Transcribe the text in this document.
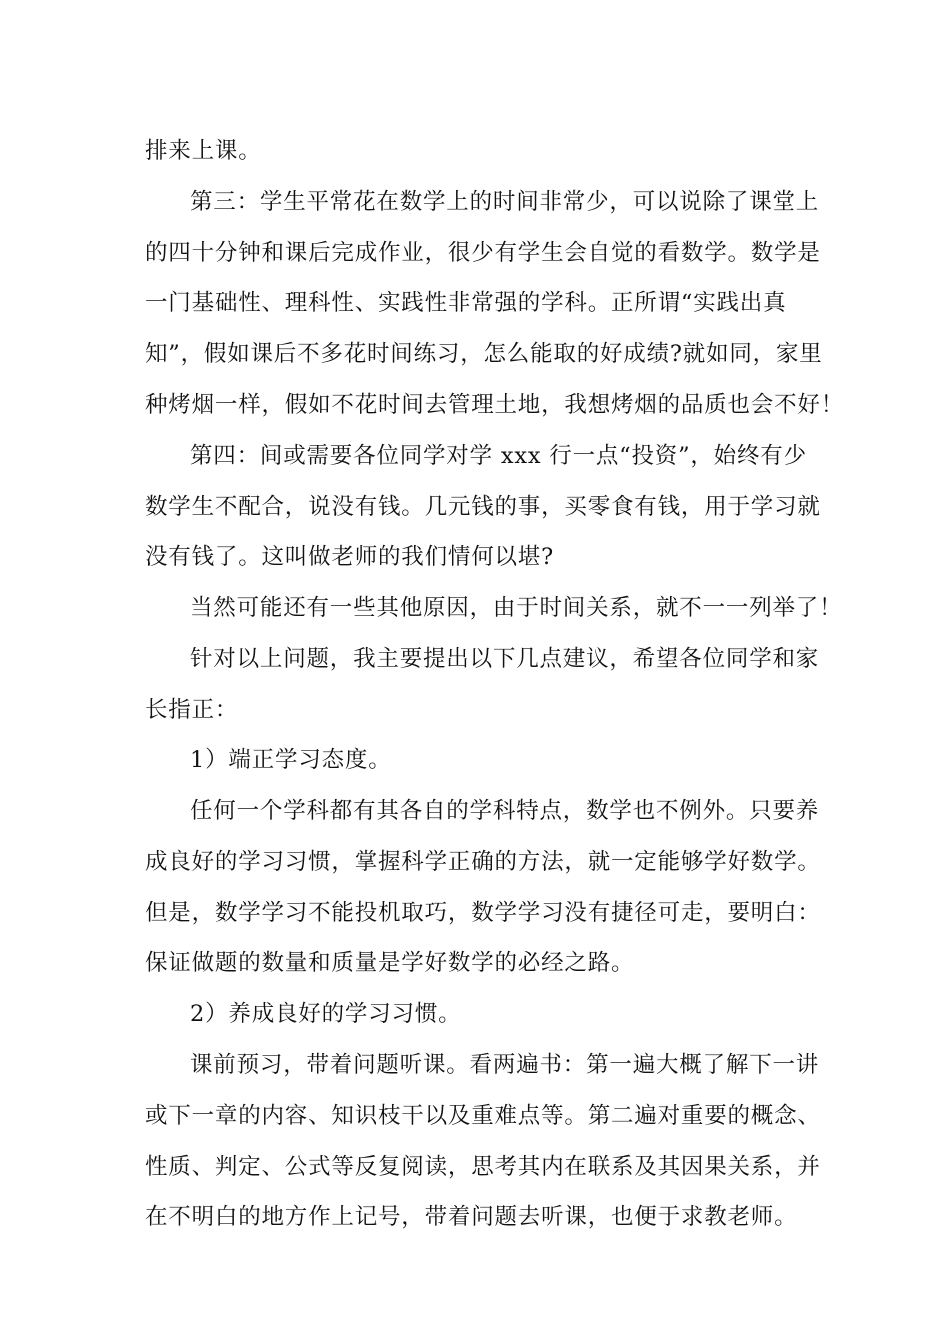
排来上课。
第三：学生平常花在数学上的时间非常少，可以说除了课堂上
的四十分钟和课后完成作业，很少有学生会自觉的看数学。数学是
一门基础性、理科性、实践性非常强的学科。正所谓“实践出真
知”，假如课后不多花时间练习，怎么能取的好成绩?就如同，家里
种烤烟一样，假如不花时间去管理土地，我想烤烟的品质也会不好！
第四：间或需要各位同学对学 xxx 行一点“投资”，始终有少
数学生不配合，说没有钱。几元钱的事，买零食有钱，用于学习就
没有钱了。这叫做老师的我们情何以堪?
当然可能还有一些其他原因，由于时间关系，就不一一列举了！
针对以上问题，我主要提出以下几点建议，希望各位同学和家
长指正：
1）端正学习态度。
任何一个学科都有其各自的学科特点，数学也不例外。只要养
成良好的学习习惯，掌握科学正确的方法，就一定能够学好数学。
但是，数学学习不能投机取巧，数学学习没有捷径可走，要明白：
保证做题的数量和质量是学好数学的必经之路。
2）养成良好的学习习惯。
课前预习，带着问题听课。看两遍书：第一遍大概了解下一讲
或下一章的内容、知识枝干以及重难点等。第二遍对重要的概念、
性质、判定、公式等反复阅读，思考其内在联系及其因果关系，并
在不明白的地方作上记号，带着问题去听课，也便于求教老师。
